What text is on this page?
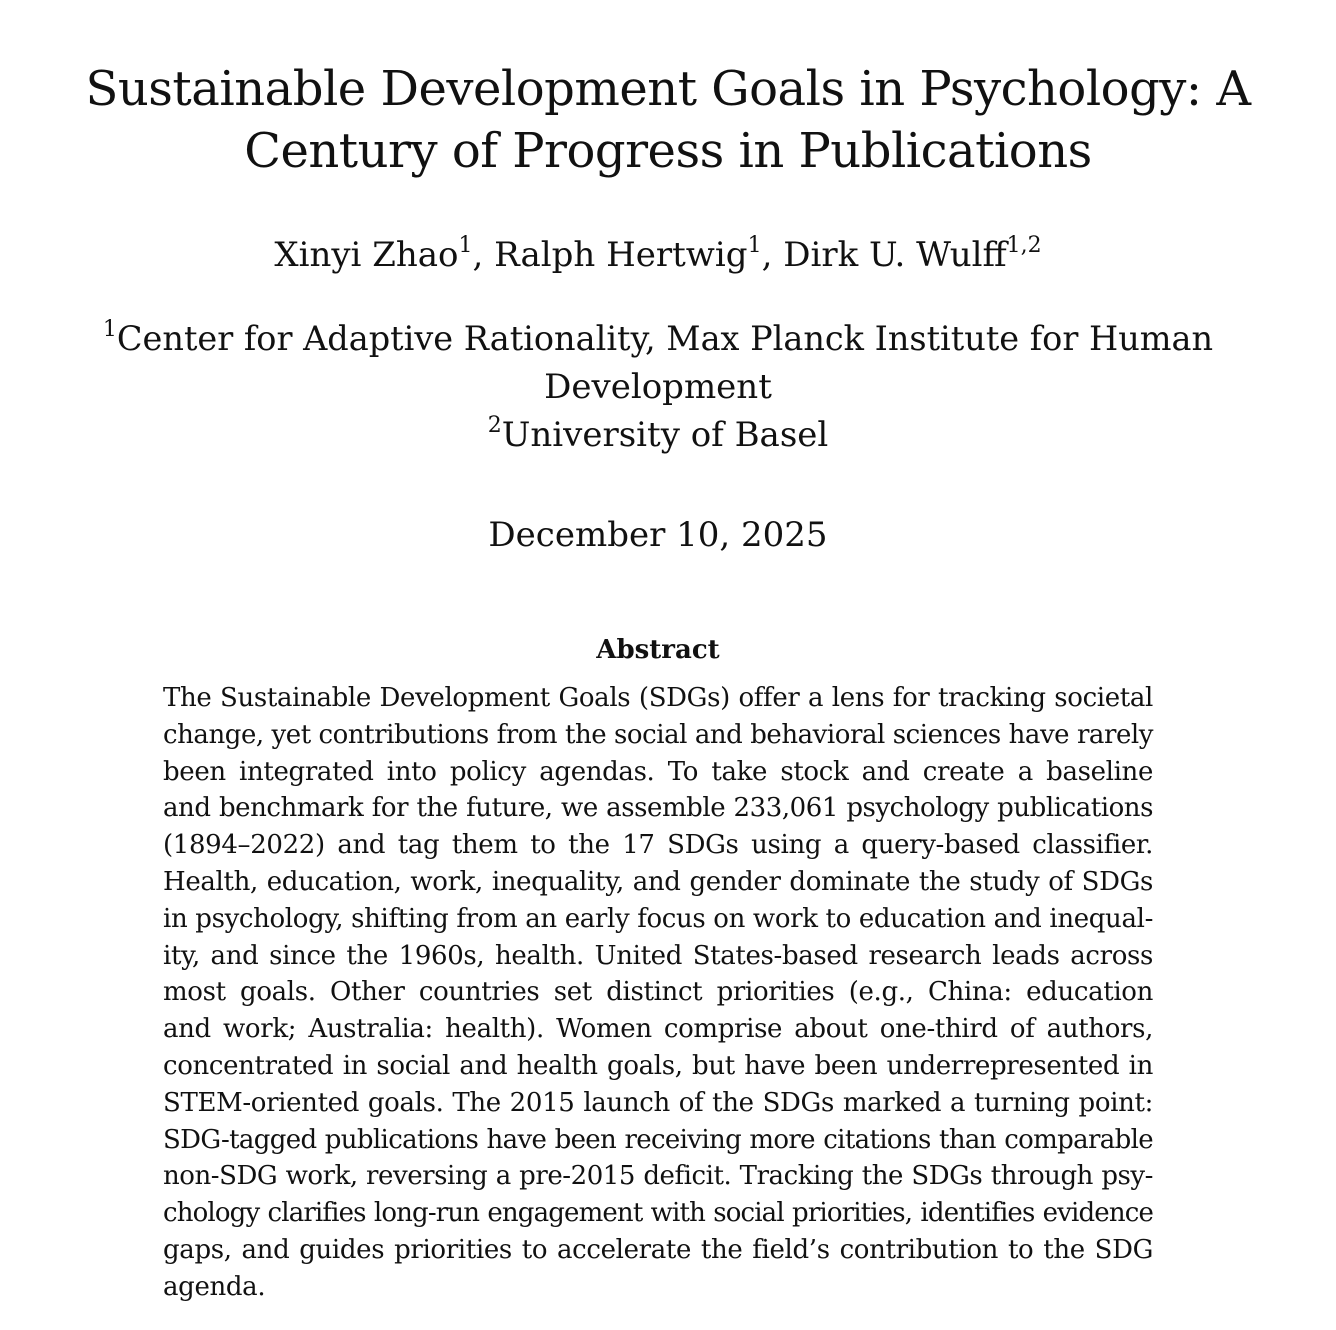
Sustainable Development Goals in Psychology: A
Century of Progress in Publications
Xinyi Zhao$^1$, Ralph Hertwig$^1$, Dirk U. Wulff$^{1,2}$
$^1$Center for Adaptive Rationality, Max Planck Institute for Human
Development
$^2$University of Basel
December 10, 2025
Abstract
The Sustainable Development Goals (SDGs) offer a lens for tracking societal
change, yet contributions from the social and behavioral sciences have rarely
been integrated into policy agendas. To take stock and create a baseline
and benchmark for the future, we assemble 233,061 psychology publications
(1894–2022) and tag them to the 17 SDGs using a query-based classifier.
Health, education, work, inequality, and gender dominate the study of SDGs
in psychology, shifting from an early focus on work to education and inequal-
ity, and since the 1960s, health. United States-based research leads across
most goals. Other countries set distinct priorities (e.g., China: education
and work; Australia: health). Women comprise about one-third of authors,
concentrated in social and health goals, but have been underrepresented in
STEM-oriented goals. The 2015 launch of the SDGs marked a turning point:
SDG-tagged publications have been receiving more citations than comparable
non-SDG work, reversing a pre-2015 deficit. Tracking the SDGs through psy-
chology clarifies long-run engagement with social priorities, identifies evidence
gaps, and guides priorities to accelerate the field’s contribution to the SDG
agenda.
